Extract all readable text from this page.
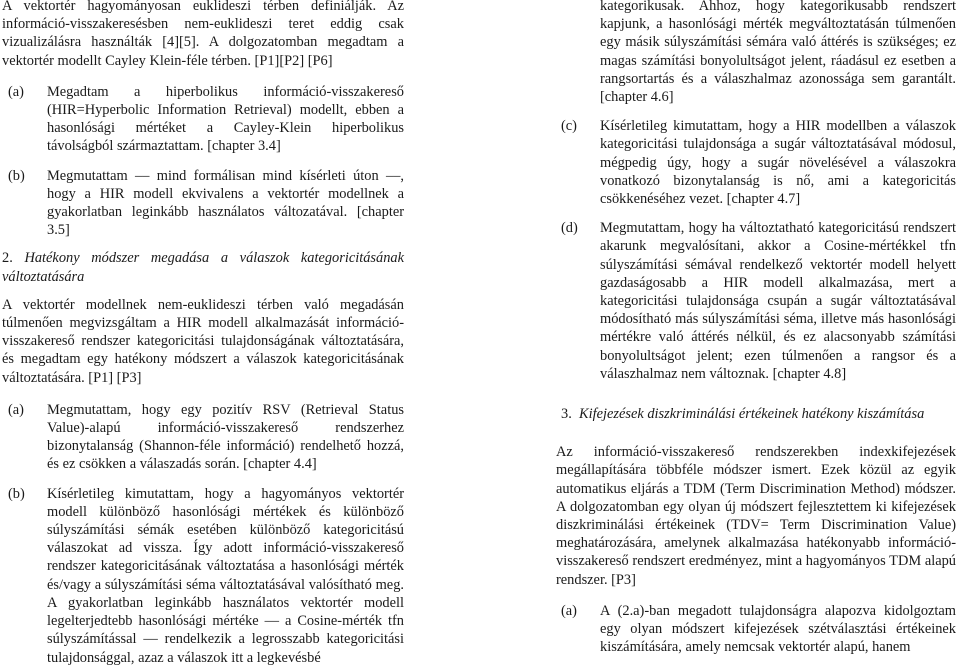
A vektortér hagyományosan euklideszi térben definiálják. Az információ-visszakeresésben nem-euklideszi teret eddig csak vizualizálásra használták [4][5]. A dolgozatomban megadtam a vektortér modellt Cayley Klein-féle térben. [P1][P2] [P6]

(a) Megadtam a hiperbolikus információ-visszakereső (HIR=Hyperbolic Information Retrieval) modellt, ebben a hasonlósági mértéket a Cayley-Klein hiperbolikus távolságból származtattam. [chapter 3.4]
(b) Megmutattam –– mind formálisan mind kísérleti úton ––, hogy a HIR modell ekvivalens a vektortér modellnek a gyakorlatban leginkább használatos változatával. [chapter 3.5]
2. Hatékony módszer megadása a válaszok kategoricitásának változtatására

A vektortér modellnek nem-euklideszi térben való megadásán túlmenően megvizsgáltam a HIR modell alkalmazását információ-visszakereső rendszer kategoricitási tulajdonságának változtatására, és megadtam egy hatékony módszert a válaszok kategoricitásának változtatására. [P1] [P3]

(a) Megmutattam, hogy egy pozitív RSV (Retrieval Status Value)-alapú információ-visszakereső rendszerhez bizonytalanság (Shannon-féle információ) rendelhető hozzá, és ez csökken a válaszadás során. [chapter 4.4]
(b) Kísérletileg kimutattam, hogy a hagyományos vektortér modell különböző hasonlósági mértékek és különböző súlyszámítási sémák esetében különböző kategoricitású válaszokat ad vissza. Így adott információ-visszakereső rendszer kategoricitásának változtatása a hasonlósági mérték és/vagy a súlyszámítási séma változtatásával valósítható meg. A gyakorlatban leginkább használatos vektortér modell legelterjedtebb hasonlósági mértéke — a Cosine-mérték tfn súlyszámítással — rendelkezik a legrosszabb kategoricitási tulajdonsággal, azaz a válaszok itt a legkevésbé
kategorikusak. Ahhoz, hogy kategorikusabb rendszert kapjunk, a hasonlósági mérték megváltoztatásán túlmenően egy másik súlyszámítási sémára való áttérés is szükséges; ez magas számítási bonyolultságot jelent, ráadásul ez esetben a rangsortartás és a válaszhalmaz azonossága sem garantált. [chapter 4.6]
(c) Kísérletileg kimutattam, hogy a HIR modellben a válaszok kategoricitási tulajdonsága a sugár változtatásával módosul, mégpedig úgy, hogy a sugár növelésével a válaszokra vonatkozó bizonytalanság is nő, ami a kategoricitás csökkenéséhez vezet. [chapter 4.7]
(d) Megmutattam, hogy ha változtatható kategoricitású rendszert akarunk megvalósítani, akkor a Cosine-mértékkel tfn súlyszámítási sémával rendelkező vektortér modell helyett gazdaságosabb a HIR modell alkalmazása, mert a kategoricitási tulajdonsága csupán a sugár változtatásával módosítható más súlyszámítási séma, illetve más hasonlósági mértékre való áttérés nélkül, és ez alacsonyabb számítási bonyolultságot jelent; ezen túlmenően a rangsor és a válaszhalmaz nem változnak. [chapter 4.8]
3. Kifejezések diszkriminálási értékeinek hatékony kiszámítása

Az információ-visszakereső rendszerekben indexkifejezések megállapítására többféle módszer ismert. Ezek közül az egyik automatikus eljárás a TDM (Term Discrimination Method) módszer. A dolgozatomban egy olyan új módszert fejlesztettem ki kifejezések diszkriminálási értékeinek (TDV= Term Discrimination Value) meghatározására, amelynek alkalmazása hatékonyabb információ-visszakereső rendszert eredményez, mint a hagyományos TDM alapú rendszer. [P3]

(a) A (2.a)-ban megadott tulajdonságra alapozva kidolgoztam egy olyan módszert kifejezések szétválasztási értékeinek kiszámítására, amely nemcsak vektortér alapú, hanem
